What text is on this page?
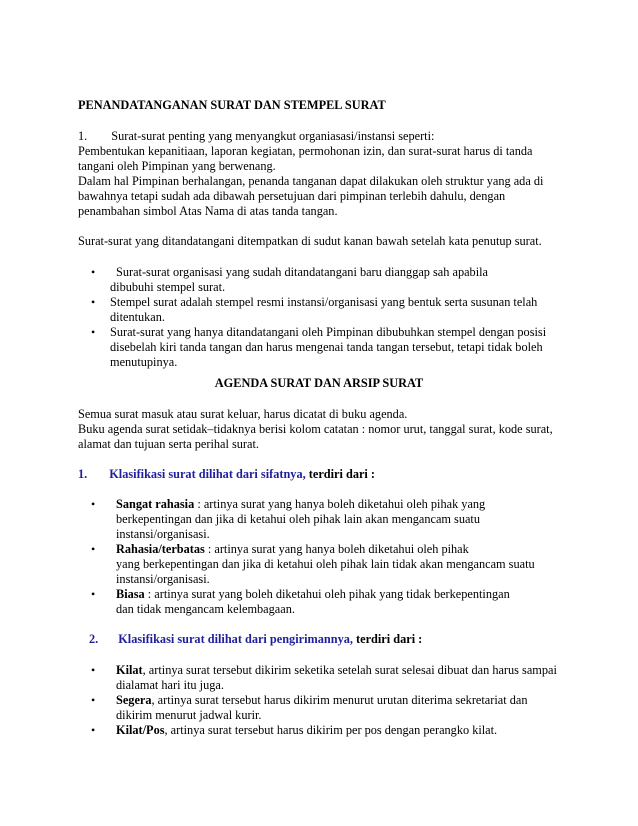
PENANDATANGANAN SURAT DAN STEMPEL SURAT
1. Surat-surat penting yang menyangkut organiasasi/instansi seperti:
Pembentukan kepanitiaan, laporan kegiatan, permohonan izin, dan surat-surat harus di tanda
tangani oleh Pimpinan yang berwenang.
Dalam hal Pimpinan berhalangan, penanda tanganan dapat dilakukan oleh struktur yang ada di
bawahnya tetapi sudah ada dibawah persetujuan dari pimpinan terlebih dahulu, dengan
penambahan simbol Atas Nama di atas tanda tangan.
Surat-surat yang ditandatangani ditempatkan di sudut kanan bawah setelah kata penutup surat.
• Surat-surat organisasi yang sudah ditandatangani baru dianggap sah apabila
dibubuhi stempel surat.
• Stempel surat adalah stempel resmi instansi/organisasi yang bentuk serta susunan telah
ditentukan.
• Surat-surat yang hanya ditandatangani oleh Pimpinan dibubuhkan stempel dengan posisi
disebelah kiri tanda tangan dan harus mengenai tanda tangan tersebut, tetapi tidak boleh
menutupinya.
AGENDA SURAT DAN ARSIP SURAT
Semua surat masuk atau surat keluar, harus dicatat di buku agenda.
Buku agenda surat setidak–tidaknya berisi kolom catatan : nomor urut, tanggal surat, kode surat,
alamat dan tujuan serta perihal surat.
1. Klasifikasi surat dilihat dari sifatnya, terdiri dari :
• Sangat rahasia : artinya surat yang hanya boleh diketahui oleh pihak yang
berkepentingan dan jika di ketahui oleh pihak lain akan mengancam suatu
instansi/organisasi.
• Rahasia/terbatas : artinya surat yang hanya boleh diketahui oleh pihak
yang berkepentingan dan jika di ketahui oleh pihak lain tidak akan mengancam suatu
instansi/organisasi.
• Biasa : artinya surat yang boleh diketahui oleh pihak yang tidak berkepentingan
dan tidak mengancam kelembagaan.
2. Klasifikasi surat dilihat dari pengirimannya, terdiri dari :
• Kilat, artinya surat tersebut dikirim seketika setelah surat selesai dibuat dan harus sampai
dialamat hari itu juga.
• Segera, artinya surat tersebut harus dikirim menurut urutan diterima sekretariat dan
dikirim menurut jadwal kurir.
• Kilat/Pos, artinya surat tersebut harus dikirim per pos dengan perangko kilat.
